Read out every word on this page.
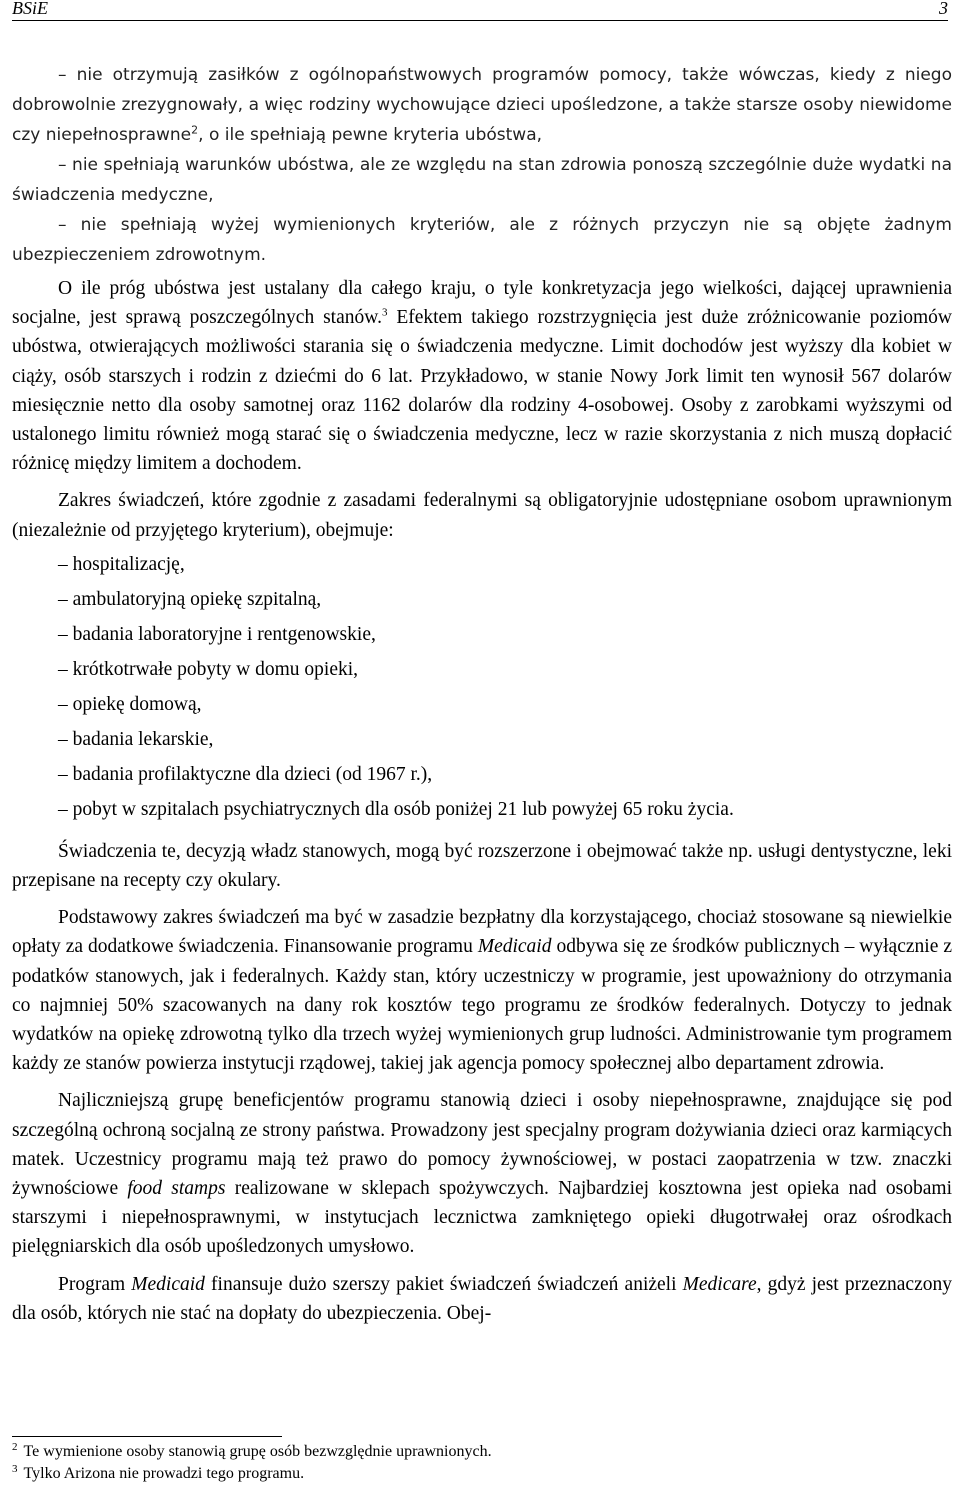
BSiE	3

– nie otrzymują zasiłków z ogólnopaństwowych programów pomocy, także wówczas, kiedy z niego dobrowolnie zrezygnowały, a więc rodziny wychowujące dzieci upośledzone, a także starsze osoby niewidome czy niepełnosprawne$^2$, o ile spełniają pewne kryteria ubóstwa,

– nie spełniają warunków ubóstwa, ale ze względu na stan zdrowia ponoszą szczególnie duże wydatki na świadczenia medyczne,

– nie spełniają wyżej wymienionych kryteriów, ale z różnych przyczyn nie są objęte żadnym ubezpieczeniem zdrowotnym.

O ile próg ubóstwa jest ustalany dla całego kraju, o tyle konkretyzacja jego wielkości, dającej uprawnienia socjalne, jest sprawą poszczególnych stanów.$^3$ Efektem takiego rozstrzygnięcia jest duże zróżnicowanie poziomów ubóstwa, otwierających możliwości starania się o świadczenia medyczne. Limit dochodów jest wyższy dla kobiet w ciąży, osób starszych i rodzin z dziećmi do 6 lat. Przykładowo, w stanie Nowy Jork limit ten wynosił 567 dolarów miesięcznie netto dla osoby samotnej oraz 1162 dolarów dla rodziny 4-osobowej. Osoby z zarobkami wyższymi od ustalonego limitu również mogą starać się o świadczenia medyczne, lecz w razie skorzystania z nich muszą dopłacić różnicę między limitem a dochodem.

Zakres świadczeń, które zgodnie z zasadami federalnymi są obligatoryjnie udostępniane osobom uprawnionym (niezależnie od przyjętego kryterium), obejmuje:

– hospitalizację,
– ambulatoryjną opiekę szpitalną,
– badania laboratoryjne i rentgenowskie,
– krótkotrwałe pobyty w domu opieki,
– opiekę domową,
– badania lekarskie,
– badania profilaktyczne dla dzieci (od 1967 r.),
– pobyt w szpitalach psychiatrycznych dla osób poniżej 21 lub powyżej 65 roku życia.

Świadczenia te, decyzją władz stanowych, mogą być rozszerzone i obejmować także np. usługi dentystyczne, leki przepisane na recepty czy okulary.

Podstawowy zakres świadczeń ma być w zasadzie bezpłatny dla korzystającego, chociaż stosowane są niewielkie opłaty za dodatkowe świadczenia. Finansowanie programu Medicaid odbywa się ze środków publicznych – wyłącznie z podatków stanowych, jak i federalnych. Każdy stan, który uczestniczy w programie, jest upoważniony do otrzymania co najmniej 50% szacowanych na dany rok kosztów tego programu ze środków federalnych. Dotyczy to jednak wydatków na opiekę zdrowotną tylko dla trzech wyżej wymienionych grup ludności. Administrowanie tym programem każdy ze stanów powierza instytucji rządowej, takiej jak agencja pomocy społecznej albo departament zdrowia.

Najliczniejszą grupę beneficjentów programu stanowią dzieci i osoby niepełnosprawne, znajdujące się pod szczególną ochroną socjalną ze strony państwa. Prowadzony jest specjalny program dożywiania dzieci oraz karmiących matek. Uczestnicy programu mają też prawo do pomocy żywnościowej, w postaci zaopatrzenia w tzw. znaczki żywnościowe food stamps realizowane w sklepach spożywczych. Najbardziej kosztowna jest opieka nad osobami starszymi i niepełnosprawnymi, w instytucjach lecznictwa zamkniętego opieki długotrwałej oraz ośrodkach pielęgniarskich dla osób upośledzonych umysłowo.

Program Medicaid finansuje dużo szerszy pakiet świadczeń świadczeń aniżeli Medicare, gdyż jest przeznaczony dla osób, których nie stać na dopłaty do ubezpieczenia. Obej-

$^2$ Te wymienione osoby stanowią grupę osób bezwzględnie uprawnionych.
$^3$ Tylko Arizona nie prowadzi tego programu.
